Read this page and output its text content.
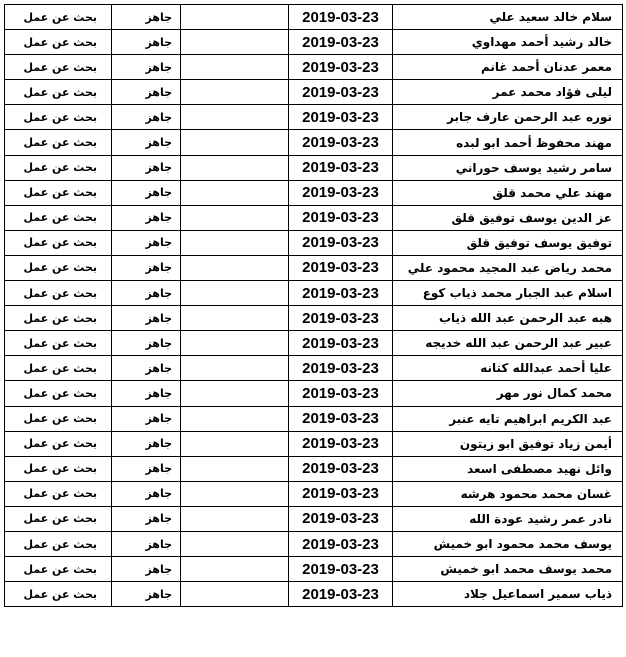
بحث عن عمل	جاهز		2019-03-23	سلام خالد سعيد علي
بحث عن عمل	جاهز		2019-03-23	خالد رشيد أحمد مهداوي
بحث عن عمل	جاهز		2019-03-23	معمر عدنان أحمد غانم
بحث عن عمل	جاهز		2019-03-23	ليلى فؤاد محمد عمر
بحث عن عمل	جاهز		2019-03-23	نوره عبد الرحمن عارف جابر
بحث عن عمل	جاهز		2019-03-23	مهند محفوظ أحمد ابو لبده
بحث عن عمل	جاهز		2019-03-23	سامر رشيد يوسف حوراني
بحث عن عمل	جاهز		2019-03-23	مهند علي محمد قلق
بحث عن عمل	جاهز		2019-03-23	عز الدين يوسف توفيق قلق
بحث عن عمل	جاهز		2019-03-23	توفيق يوسف توفيق قلق
بحث عن عمل	جاهز		2019-03-23	محمد رياض عبد المجيد محمود علي
بحث عن عمل	جاهز		2019-03-23	اسلام عبد الجبار محمد ذياب كوع
بحث عن عمل	جاهز		2019-03-23	هبه عبد الرحمن عبد الله ذياب
بحث عن عمل	جاهز		2019-03-23	عبير عبد الرحمن عبد الله خديجه
بحث عن عمل	جاهز		2019-03-23	عليا أحمد عبدالله كتانه
بحث عن عمل	جاهز		2019-03-23	محمد كمال نور مهر
بحث عن عمل	جاهز		2019-03-23	عبد الكريم ابراهيم تايه عنبر
بحث عن عمل	جاهز		2019-03-23	أيمن زياد توفيق ابو زيتون
بحث عن عمل	جاهز		2019-03-23	وائل نهيد مصطفى اسعد
بحث عن عمل	جاهز		2019-03-23	غسان محمد محمود هرشه
بحث عن عمل	جاهز		2019-03-23	نادر عمر رشيد عودة الله
بحث عن عمل	جاهز		2019-03-23	يوسف محمد محمود ابو خميش
بحث عن عمل	جاهز		2019-03-23	محمد يوسف محمد ابو خميش
بحث عن عمل	جاهز		2019-03-23	ذياب سمير اسماعيل جلاد
